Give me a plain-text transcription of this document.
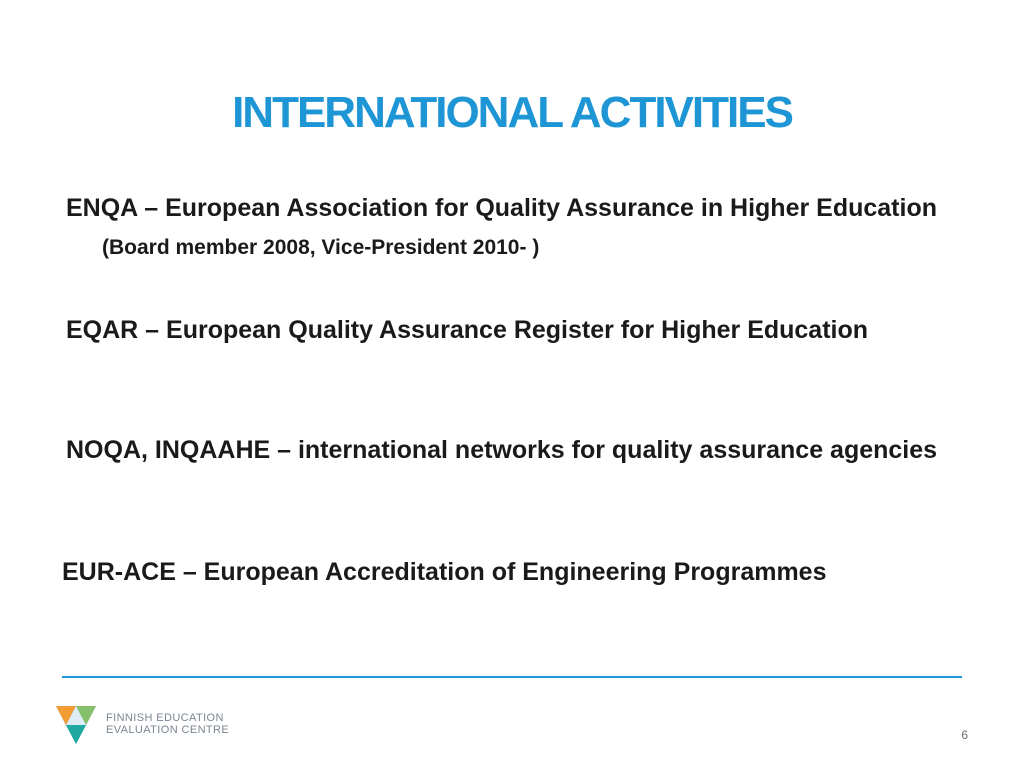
INTERNATIONAL ACTIVITIES
ENQA – European Association for Quality Assurance in Higher Education (Board member 2008, Vice-President 2010- )
EQAR – European Quality Assurance Register for Higher Education
NOQA, INQAAHE – international networks for quality assurance agencies
EUR-ACE – European Accreditation of Engineering Programmes
FINNISH EDUCATION
EVALUATION CENTRE	6
